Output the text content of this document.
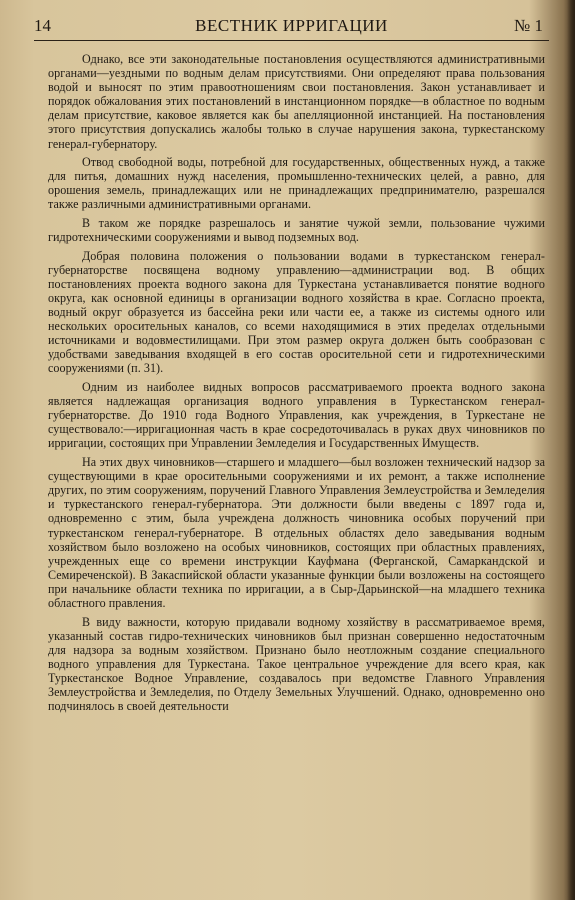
14	ВЕСТНИК ИРРИГАЦИИ	№ 1

Однако, все эти законодательные постановления осуществляются административными органами—уездными по водным делам присутствиями. Они определяют права пользования водой и выносят по этим правоотношениям свои постановления. Закон устанавливает и порядок обжалования этих постановлений в инстанционном порядке—в областное по водным делам присутствие, каковое является как бы апелляционной инстанцией. На постановления этого присутствия допускались жалобы только в случае нарушения закона, туркестанскому генерал-губернатору.

Отвод свободной воды, потребной для государственных, общественных нужд, а также для питья, домашних нужд населения, промышленно-технических целей, а равно, для орошения земель, принадлежащих или не принадлежащих предпринимателю, разрешался также различными административными органами.

В таком же порядке разрешалось и занятие чужой земли, пользование чужими гидротехническими сооружениями и вывод подземных вод.

Добрая половина положения о пользовании водами в туркестанском генерал-губернаторстве посвящена водному управлению—администрации вод. В общих постановлениях проекта водного закона для Туркестана устанавливается понятие водного округа, как основной единицы в организации водного хозяйства в крае. Согласно проекта, водный округ образуется из бассейна реки или части ее, а также из системы одного или нескольких оросительных каналов, со всеми находящимися в этих пределах отдельными источниками и водовместилищами. При этом размер округа должен быть сообразован с удобствами заведывания входящей в его состав оросительной сети и гидротехническими сооружениями (п. 31).

Одним из наиболее видных вопросов рассматриваемого проекта водного закона является надлежащая организация водного управления в Туркестанском генерал-губернаторстве. До 1910 года Водного Управления, как учреждения, в Туркестане не существовало:—ирригационная часть в крае сосредоточивалась в руках двух чиновников по ирригации, состоящих при Управлении Земледелия и Государственных Имуществ.

На этих двух чиновников—старшего и младшего—был возложен технический надзор за существующими в крае оросительными сооружениями и их ремонт, а также исполнение других, по этим сооружениям, поручений Главного Управления Землеустройства и Земледелия и туркестанского генерал-губернатора. Эти должности были введены с 1897 года и, одновременно с этим, была учреждена должность чиновника особых поручений при туркестанском генерал-губернаторе. В отдельных областях дело заведывания водным хозяйством было возложено на особых чиновников, состоящих при областных правлениях, учрежденных еще со времени инструкции Кауфмана (Ферганской, Самаркандской и Семиреченской). В Закаспийской области указанные функции были возложены на состоящего при начальнике области техника по ирригации, а в Сыр-Дарьинской—на младшего техника областного правления.

В виду важности, которую придавали водному хозяйству в рассматриваемое время, указанный состав гидро-технических чиновников был признан совершенно недостаточным для надзора за водным хозяйством. Признано было неотложным создание специального водного управления для Туркестана. Такое центральное учреждение для всего края, как Туркестанское Водное Управление, создавалось при ведомстве Главного Управления Землеустройства и Земледелия, по Отделу Земельных Улучшений. Однако, одновременно оно подчинялось в своей деятельности
